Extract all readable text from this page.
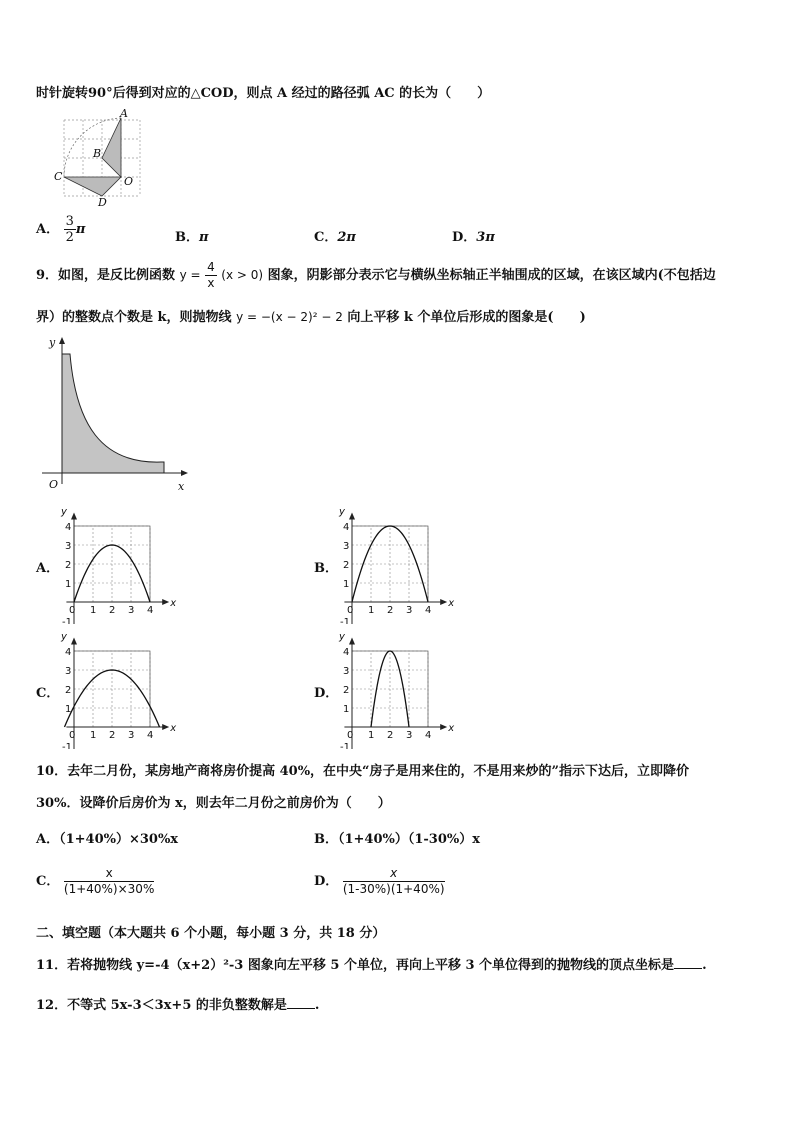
时针旋转90°后得到对应的△COD，则点 A 经过的路径弧 AC 的长为（　　）
A
B
C	O
D
A． $\frac{3}{2}$ π
B．π	C．2π	D．3π
9．如图，是反比例函数 $y = \frac{4}{x} (x > 0)$ 图象，阴影部分表示它与横纵坐标轴正半轴围成的区域，在该区域内(不包括边
界）的整数点个数是 k，则抛物线 y = −(x − 2)² − 2 向上平移 k 个单位后形成的图象是(　　)
y
x
O
A．	B．
C．	D．
0 1 2 3 4
4
3
2
1
-1
y
x
0 1 2 3 4
4
3
2
1
-1
y
x
0 1 2 3 4
4
3
2
1
-1
y
x
0 1 2 3 4
4
3
2
1
-1
y
x
10．去年二月份，某房地产商将房价提高 40%，在中央“房子是用来住的，不是用来炒的”指示下达后，立即降价
30%．设降价后房价为 x，则去年二月份之前房价为（　　）
A．（1+40%）×30%x	B．（1+40%）（1-30%）x
C． $\frac{x}{(1+40\%)\times 30\%}$	D． $\frac{x}{(1-30\%)(1+40\%)}$
二、填空题（本大题共 6 个小题，每小题 3 分，共 18 分）
11．若将抛物线 y=-4（x+2）²-3 图象向左平移 5 个单位，再向上平移 3 个单位得到的抛物线的顶点坐标是 .
12．不等式 5x-3＜3x+5 的非负整数解是 .
